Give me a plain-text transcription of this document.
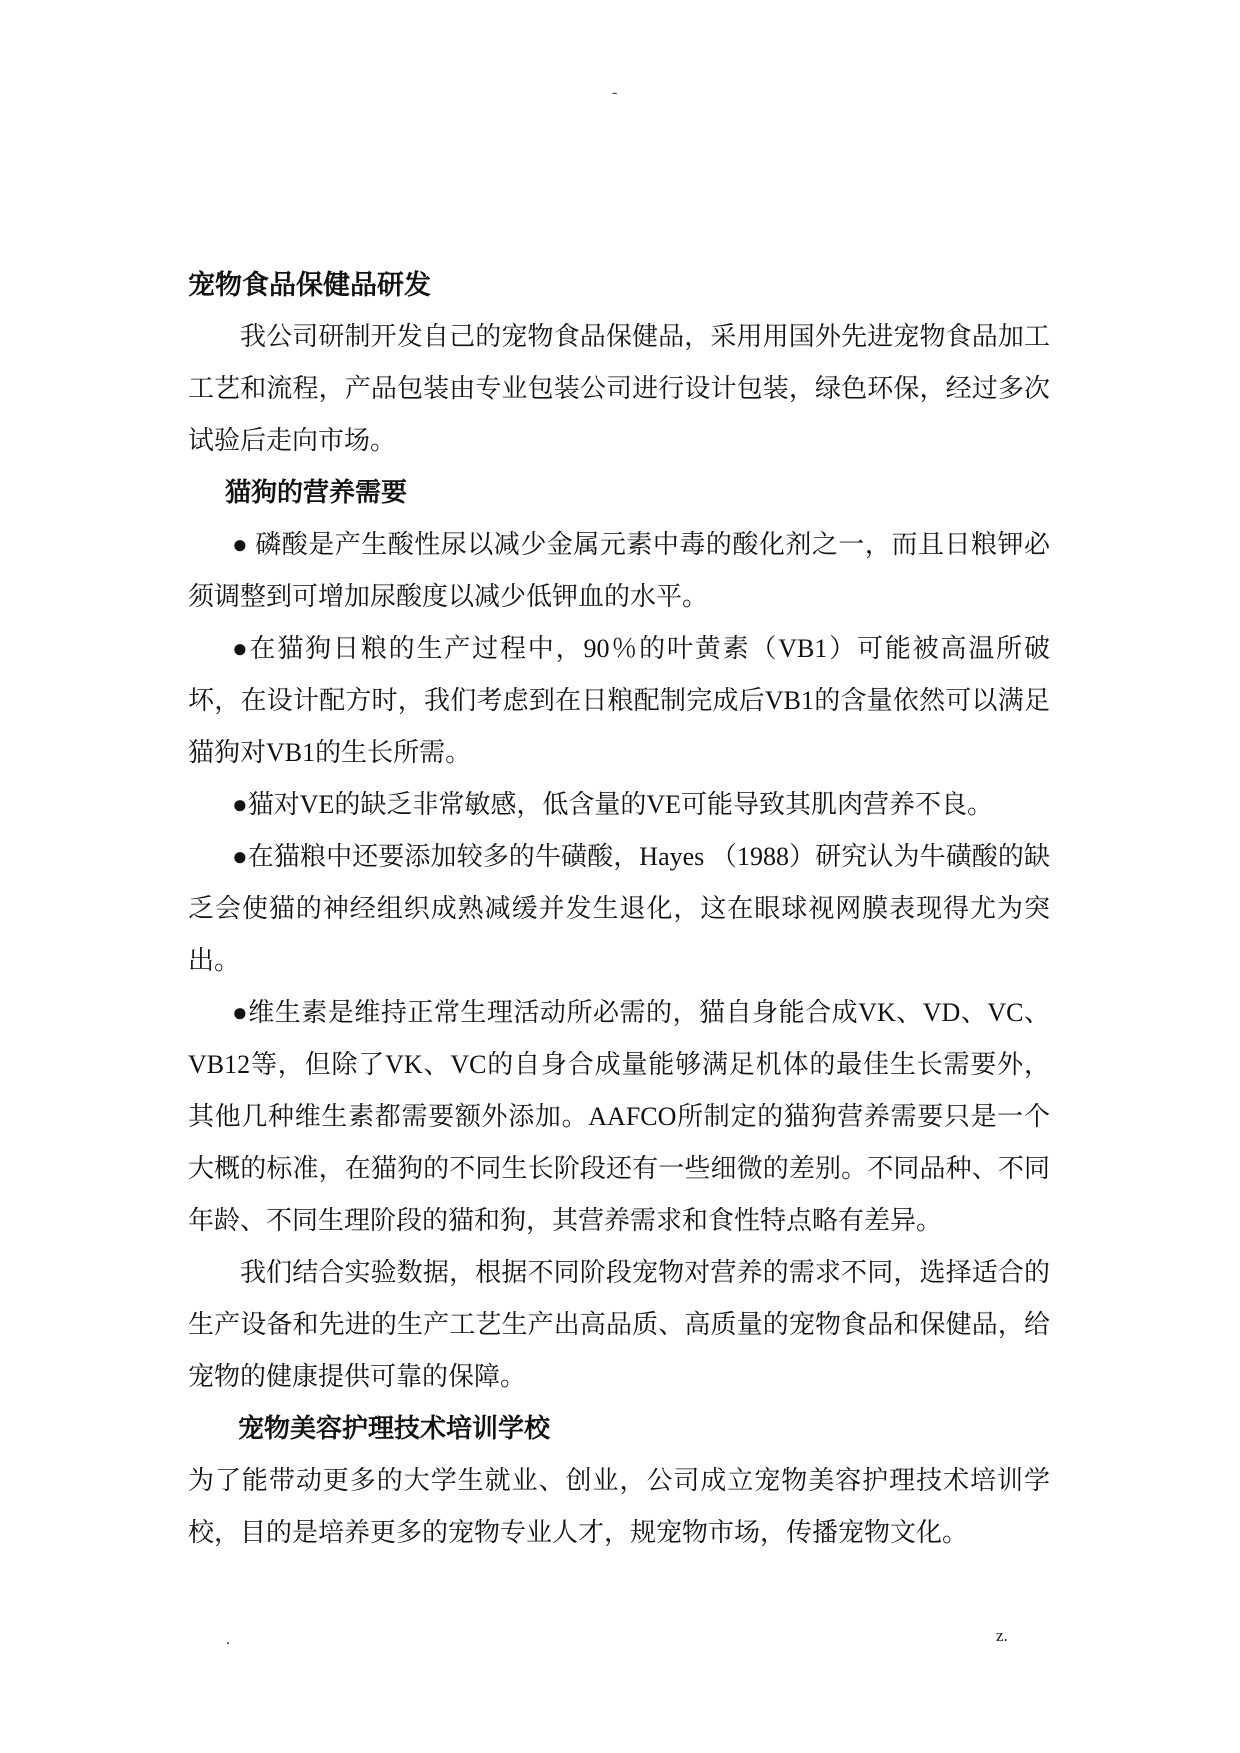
-
宠物食品保健品研发

我公司研制开发自己的宠物食品保健品，采用用国外先进宠物食品加工工艺和流程，产品包装由专业包装公司进行设计包装，绿色环保，经过多次试验后走向市场。

猫狗的营养需要

● 磷酸是产生酸性尿以减少金属元素中毒的酸化剂之一，而且日粮钾必须调整到可增加尿酸度以减少低钾血的水平。

●在猫狗日粮的生产过程中，90％的叶黄素（VB1）可能被高温所破坏，在设计配方时，我们考虑到在日粮配制完成后VB1的含量依然可以满足猫狗对VB1的生长所需。

●猫对VE的缺乏非常敏感，低含量的VE可能导致其肌肉营养不良。

●在猫粮中还要添加较多的牛磺酸，Hayes （1988）研究认为牛磺酸的缺乏会使猫的神经组织成熟减缓并发生退化，这在眼球视网膜表现得尤为突出。

●维生素是维持正常生理活动所必需的，猫自身能合成VK、VD、VC、VB12等，但除了VK、VC的自身合成量能够满足机体的最佳生长需要外，其他几种维生素都需要额外添加。AAFCO所制定的猫狗营养需要只是一个大概的标准，在猫狗的不同生长阶段还有一些细微的差别。不同品种、不同年龄、不同生理阶段的猫和狗，其营养需求和食性特点略有差异。

我们结合实验数据，根据不同阶段宠物对营养的需求不同，选择适合的生产设备和先进的生产工艺生产出高品质、高质量的宠物食品和保健品，给宠物的健康提供可靠的保障。

宠物美容护理技术培训学校

为了能带动更多的大学生就业、创业，公司成立宠物美容护理技术培训学校，目的是培养更多的宠物专业人才，规宠物市场，传播宠物文化。

.	z.
